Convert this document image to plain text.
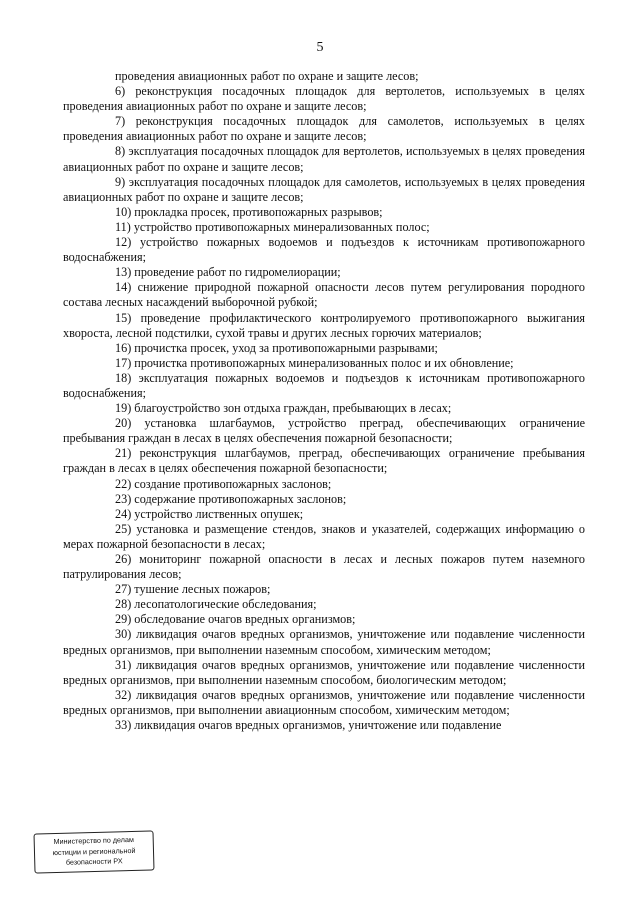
5

проведения авиационных работ по охране и защите лесов;

6) реконструкция посадочных площадок для вертолетов, используемых в целях проведения авиационных работ по охране и защите лесов;

7) реконструкция посадочных площадок для самолетов, используемых в целях проведения авиационных работ по охране и защите лесов;

8) эксплуатация посадочных площадок для вертолетов, используемых в целях проведения авиационных работ по охране и защите лесов;

9) эксплуатация посадочных площадок для самолетов, используемых в целях проведения авиационных работ по охране и защите лесов;

10) прокладка просек, противопожарных разрывов;

11) устройство противопожарных минерализованных полос;

12) устройство пожарных водоемов и подъездов к источникам противопожарного водоснабжения;

13) проведение работ по гидромелиорации;

14) снижение природной пожарной опасности лесов путем регулирования породного состава лесных насаждений выборочной рубкой;

15) проведение профилактического контролируемого противопожарного выжигания хвороста, лесной подстилки, сухой травы и других лесных горючих материалов;

16) прочистка просек, уход за противопожарными разрывами;

17) прочистка противопожарных минерализованных полос и их обновление;

18) эксплуатация пожарных водоемов и подъездов к источникам противопожарного водоснабжения;

19) благоустройство зон отдыха граждан, пребывающих в лесах;

20) установка шлагбаумов, устройство преград, обеспечивающих ограничение пребывания граждан в лесах в целях обеспечения пожарной безопасности;

21) реконструкция шлагбаумов, преград, обеспечивающих ограничение пребывания граждан в лесах в целях обеспечения пожарной безопасности;

22) создание противопожарных заслонов;

23) содержание противопожарных заслонов;

24) устройство лиственных опушек;

25) установка и размещение стендов, знаков и указателей, содержащих информацию о мерах пожарной безопасности в лесах;

26) мониторинг пожарной опасности в лесах и лесных пожаров путем наземного патрулирования лесов;

27) тушение лесных пожаров;

28) лесопатологические обследования;

29) обследование очагов вредных организмов;

30) ликвидация очагов вредных организмов, уничтожение или подавление численности вредных организмов, при выполнении наземным способом, химическим методом;

31) ликвидация очагов вредных организмов, уничтожение или подавление численности вредных организмов, при выполнении наземным способом, биологическим методом;

32) ликвидация очагов вредных организмов, уничтожение или подавление численности вредных организмов, при выполнении авиационным способом, химическим методом;

33) ликвидация очагов вредных организмов, уничтожение или подавление

Министерство по делам
юстиции и региональной
безопасности РХ
